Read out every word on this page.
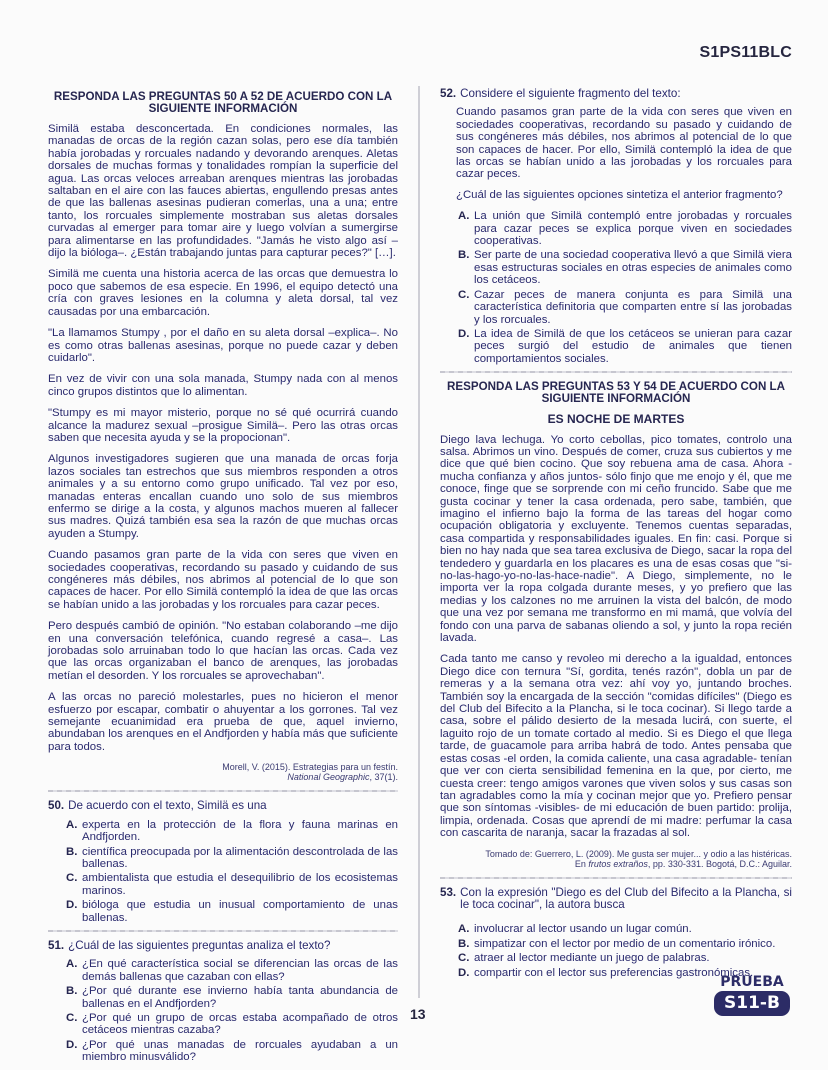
S1PS11BLC
RESPONDA LAS PREGUNTAS 50 A 52 DE ACUERDO CON LA SIGUIENTE INFORMACIÓN

Similä estaba desconcertada. En condiciones normales, las manadas de orcas de la región cazan solas, pero ese día también había jorobadas y rorcuales nadando y devorando arenques. Aletas dorsales de muchas formas y tonalidades rompían la superficie del agua. Las orcas veloces arreaban arenques mientras las jorobadas saltaban en el aire con las fauces abiertas, engullendo presas antes de que las ballenas asesinas pudieran comerlas, una a una; entre tanto, los rorcuales simplemente mostraban sus aletas dorsales curvadas al emerger para tomar aire y luego volvían a sumergirse para alimentarse en las profundidades. "Jamás he visto algo así –dijo la bióloga–. ¿Están trabajando juntas para capturar peces?" […].

Similä me cuenta una historia acerca de las orcas que demuestra lo poco que sabemos de esa especie. En 1996, el equipo detectó una cría con graves lesiones en la columna y aleta dorsal, tal vez causadas por una embarcación.

"La llamamos Stumpy , por el daño en su aleta dorsal –explica–. No es como otras ballenas asesinas, porque no puede cazar y deben cuidarlo".

En vez de vivir con una sola manada, Stumpy nada con al menos cinco grupos distintos que lo alimentan.

"Stumpy es mi mayor misterio, porque no sé qué ocurrirá cuando alcance la madurez sexual –prosigue Similä–. Pero las otras orcas saben que necesita ayuda y se la propocionan".

Algunos investigadores sugieren que una manada de orcas forja lazos sociales tan estrechos que sus miembros responden a otros animales y a su entorno como grupo unificado. Tal vez por eso, manadas enteras encallan cuando uno solo de sus miembros enfermo se dirige a la costa, y algunos machos mueren al fallecer sus madres. Quizá también esa sea la razón de que muchas orcas ayuden a Stumpy.

Cuando pasamos gran parte de la vida con seres que viven en sociedades cooperativas, recordando su pasado y cuidando de sus congéneres más débiles, nos abrimos al potencial de lo que son capaces de hacer. Por ello Similä contempló la idea de que las orcas se habían unido a las jorobadas y los rorcuales para cazar peces.

Pero después cambió de opinión. "No estaban colaborando –me dijo en una conversación telefónica, cuando regresé a casa–. Las jorobadas solo arruinaban todo lo que hacían las orcas. Cada vez que las orcas organizaban el banco de arenques, las jorobadas metían el desorden. Y los rorcuales se aprovechaban".

A las orcas no pareció molestarles, pues no hicieron el menor esfuerzo por escapar, combatir o ahuyentar a los gorrones. Tal vez semejante ecuanimidad era prueba de que, aquel invierno, abundaban los arenques en el Andfjorden y había más que suficiente para todos.

Morell, V. (2015). Estrategias para un festín.
National Geographic, 37(1).
50. De acuerdo con el texto, Similä es una
A. experta en la protección de la flora y fauna marinas en Andfjorden.
B. científica preocupada por la alimentación descontrolada de las ballenas.
C. ambientalista que estudia el desequilibrio de los ecosistemas marinos.
D. bióloga que estudia un inusual comportamiento de unas ballenas.
51. ¿Cuál de las siguientes preguntas analiza el texto?
A. ¿En qué característica social se diferencian las orcas de las demás ballenas que cazaban con ellas?
B. ¿Por qué durante ese invierno había tanta abundancia de ballenas en el Andfjorden?
C. ¿Por qué un grupo de orcas estaba acompañado de otros cetáceos mientras cazaba?
D. ¿Por qué unas manadas de rorcuales ayudaban a un miembro minusválido?
52. Considere el siguiente fragmento del texto:

Cuando pasamos gran parte de la vida con seres que viven en sociedades cooperativas, recordando su pasado y cuidando de sus congéneres más débiles, nos abrimos al potencial de lo que son capaces de hacer. Por ello, Similä contempló la idea de que las orcas se habían unido a las jorobadas y los rorcuales para cazar peces.

¿Cuál de las siguientes opciones sintetiza el anterior fragmento?

A. La unión que Similä contempló entre jorobadas y rorcuales para cazar peces se explica porque viven en sociedades cooperativas.
B. Ser parte de una sociedad cooperativa llevó a que Similä viera esas estructuras sociales en otras especies de animales como los cetáceos.
C. Cazar peces de manera conjunta es para Similä una característica definitoria que comparten entre sí las jorobadas y los rorcuales.
D. La idea de Similä de que los cetáceos se unieran para cazar peces surgió del estudio de animales que tienen comportamientos sociales.
RESPONDA LAS PREGUNTAS 53 Y 54 DE ACUERDO CON LA SIGUIENTE INFORMACIÓN
ES NOCHE DE MARTES

Diego lava lechuga. Yo corto cebollas, pico tomates, controlo una salsa. Abrimos un vino. Después de comer, cruza sus cubiertos y me dice que qué bien cocino. Que soy rebuena ama de casa. Ahora -mucha confianza y años juntos- sólo finjo que me enojo y él, que me conoce, finge que se sorprende con mi ceño fruncido. Sabe que me gusta cocinar y tener la casa ordenada, pero sabe, también, que imagino el infierno bajo la forma de las tareas del hogar como ocupación obligatoria y excluyente. Tenemos cuentas separadas, casa compartida y responsabilidades iguales. En fin: casi. Porque si bien no hay nada que sea tarea exclusiva de Diego, sacar la ropa del tendedero y guardarla en los placares es una de esas cosas que "si-no-las-hago-yo-no-las-hace-nadie". A Diego, simplemente, no le importa ver la ropa colgada durante meses, y yo prefiero que las medias y los calzones no me arruinen la vista del balcón, de modo que una vez por semana me transformo en mi mamá, que volvía del fondo con una parva de sabanas oliendo a sol, y junto la ropa recién lavada.

Cada tanto me canso y revoleo mi derecho a la igualdad, entonces Diego dice con ternura "Sí, gordita, tenés razón", dobla un par de remeras y a la semana otra vez: ahí voy yo, juntando broches. También soy la encargada de la sección "comidas difíciles" (Diego es del Club del Bifecito a la Plancha, si le toca cocinar). Si llego tarde a casa, sobre el pálido desierto de la mesada lucirá, con suerte, el laguito rojo de un tomate cortado al medio. Si es Diego el que llega tarde, de guacamole para arriba habrá de todo. Antes pensaba que estas cosas -el orden, la comida caliente, una casa agradable- tenían que ver con cierta sensibilidad femenina en la que, por cierto, me cuesta creer: tengo amigos varones que viven solos y sus casas son tan agradables como la mía y cocinan mejor que yo. Prefiero pensar que son síntomas -visibles- de mi educación de buen partido: prolija, limpia, ordenada. Cosas que aprendí de mi madre: perfumar la casa con cascarita de naranja, sacar la frazadas al sol.

Tomado de: Guerrero, L. (2009). Me gusta ser mujer... y odio a las histéricas.
En frutos extraños, pp. 330-331. Bogotá, D.C.: Aguilar.
53. Con la expresión "Diego es del Club del Bifecito a la Plancha, si le toca cocinar", la autora busca
A. involucrar al lector usando un lugar común.
B. simpatizar con el lector por medio de un comentario irónico.
C. atraer al lector mediante un juego de palabras.
D. compartir con el lector sus preferencias gastronómicas.
13
PRUEBA
S11-B
